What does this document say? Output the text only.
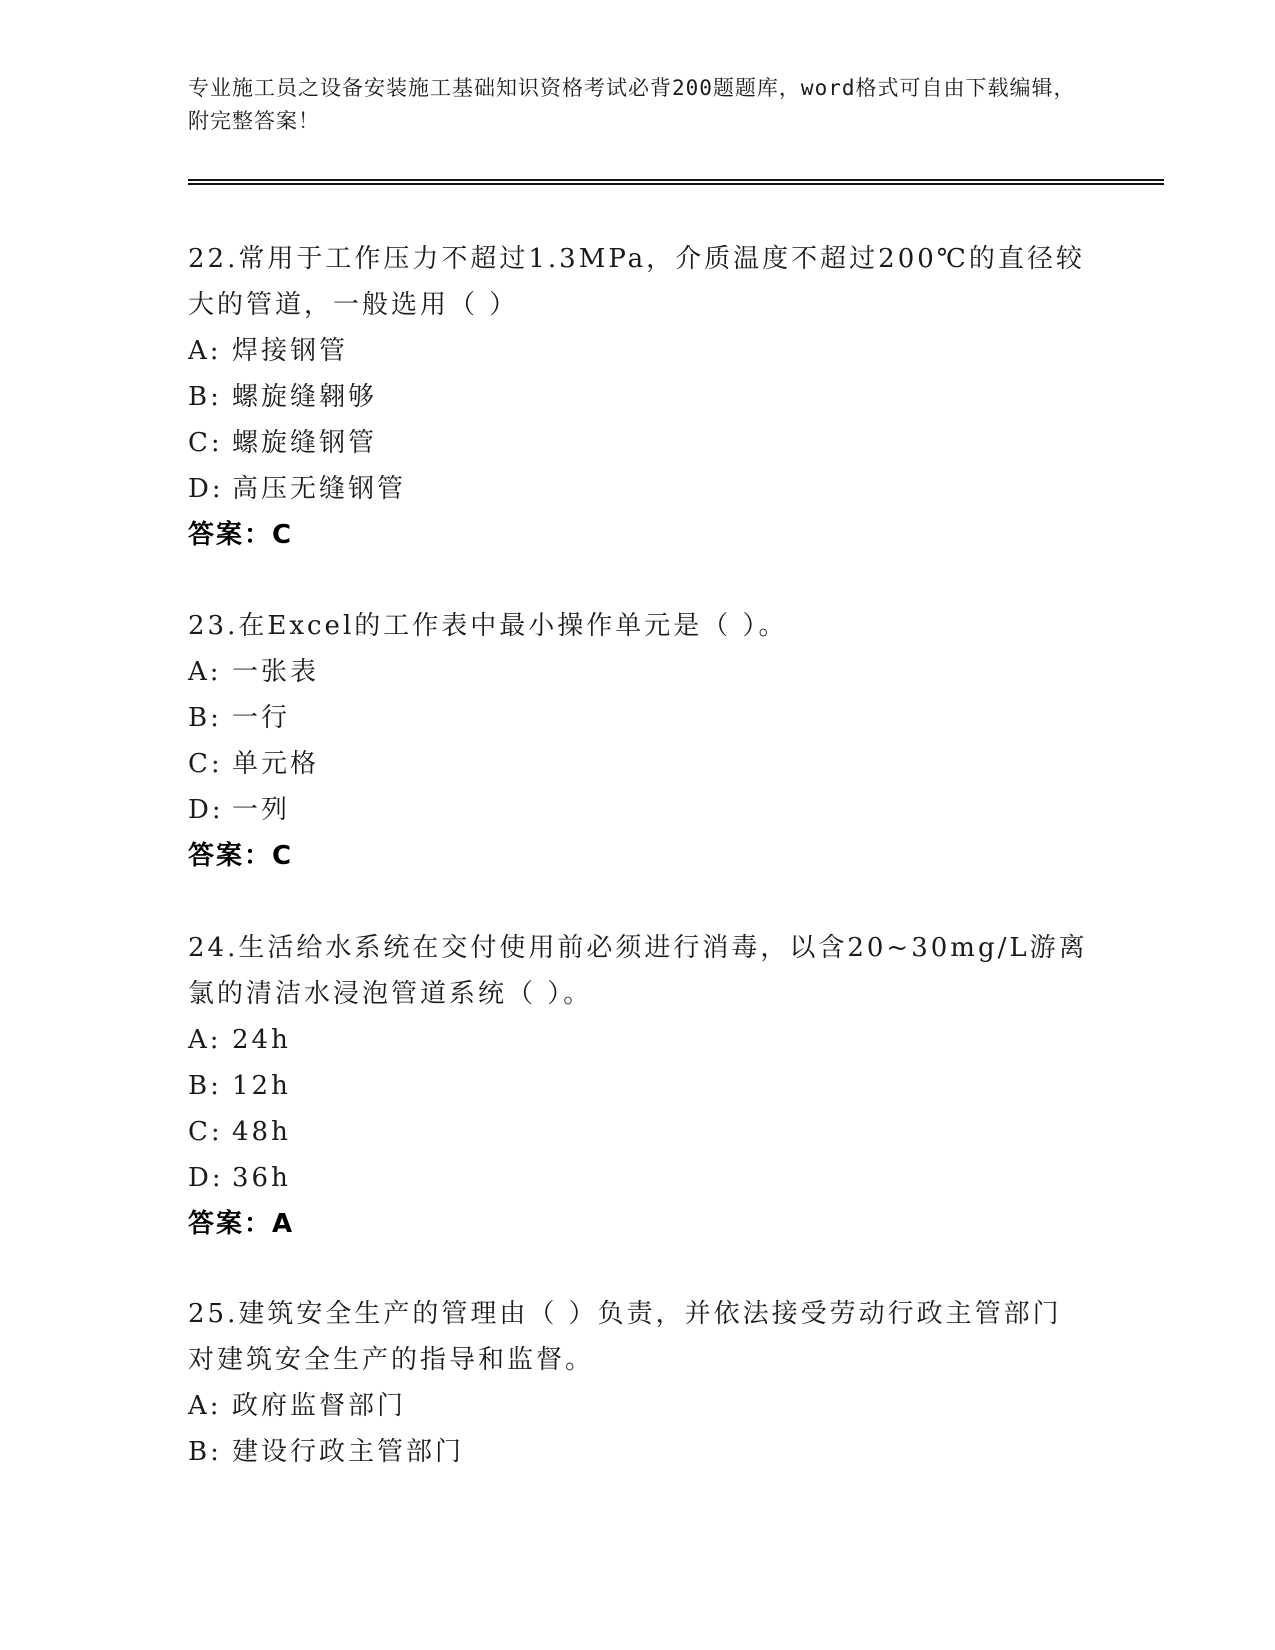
专业施工员之设备安装施工基础知识资格考试必背200题题库，word格式可自由下载编辑，附完整答案！

22.常用于工作压力不超过1.3MPa，介质温度不超过200℃的直径较大的管道，一般选用（ ）

A: 焊接钢管

B: 螺旋缝翱够

C: 螺旋缝钢管

D: 高压无缝钢管

答案：C

23.在Excel的工作表中最小操作单元是（ ）。

A: 一张表

B: 一行

C: 单元格

D: 一列

答案：C

24.生活给水系统在交付使用前必须进行消毒，以含20~30mg/L游离氯的清洁水浸泡管道系统（ ）。

A: 24h

B: 12h

C: 48h

D: 36h

答案：A

25.建筑安全生产的管理由（ ）负责，并依法接受劳动行政主管部门对建筑安全生产的指导和监督。

A: 政府监督部门

B: 建设行政主管部门
